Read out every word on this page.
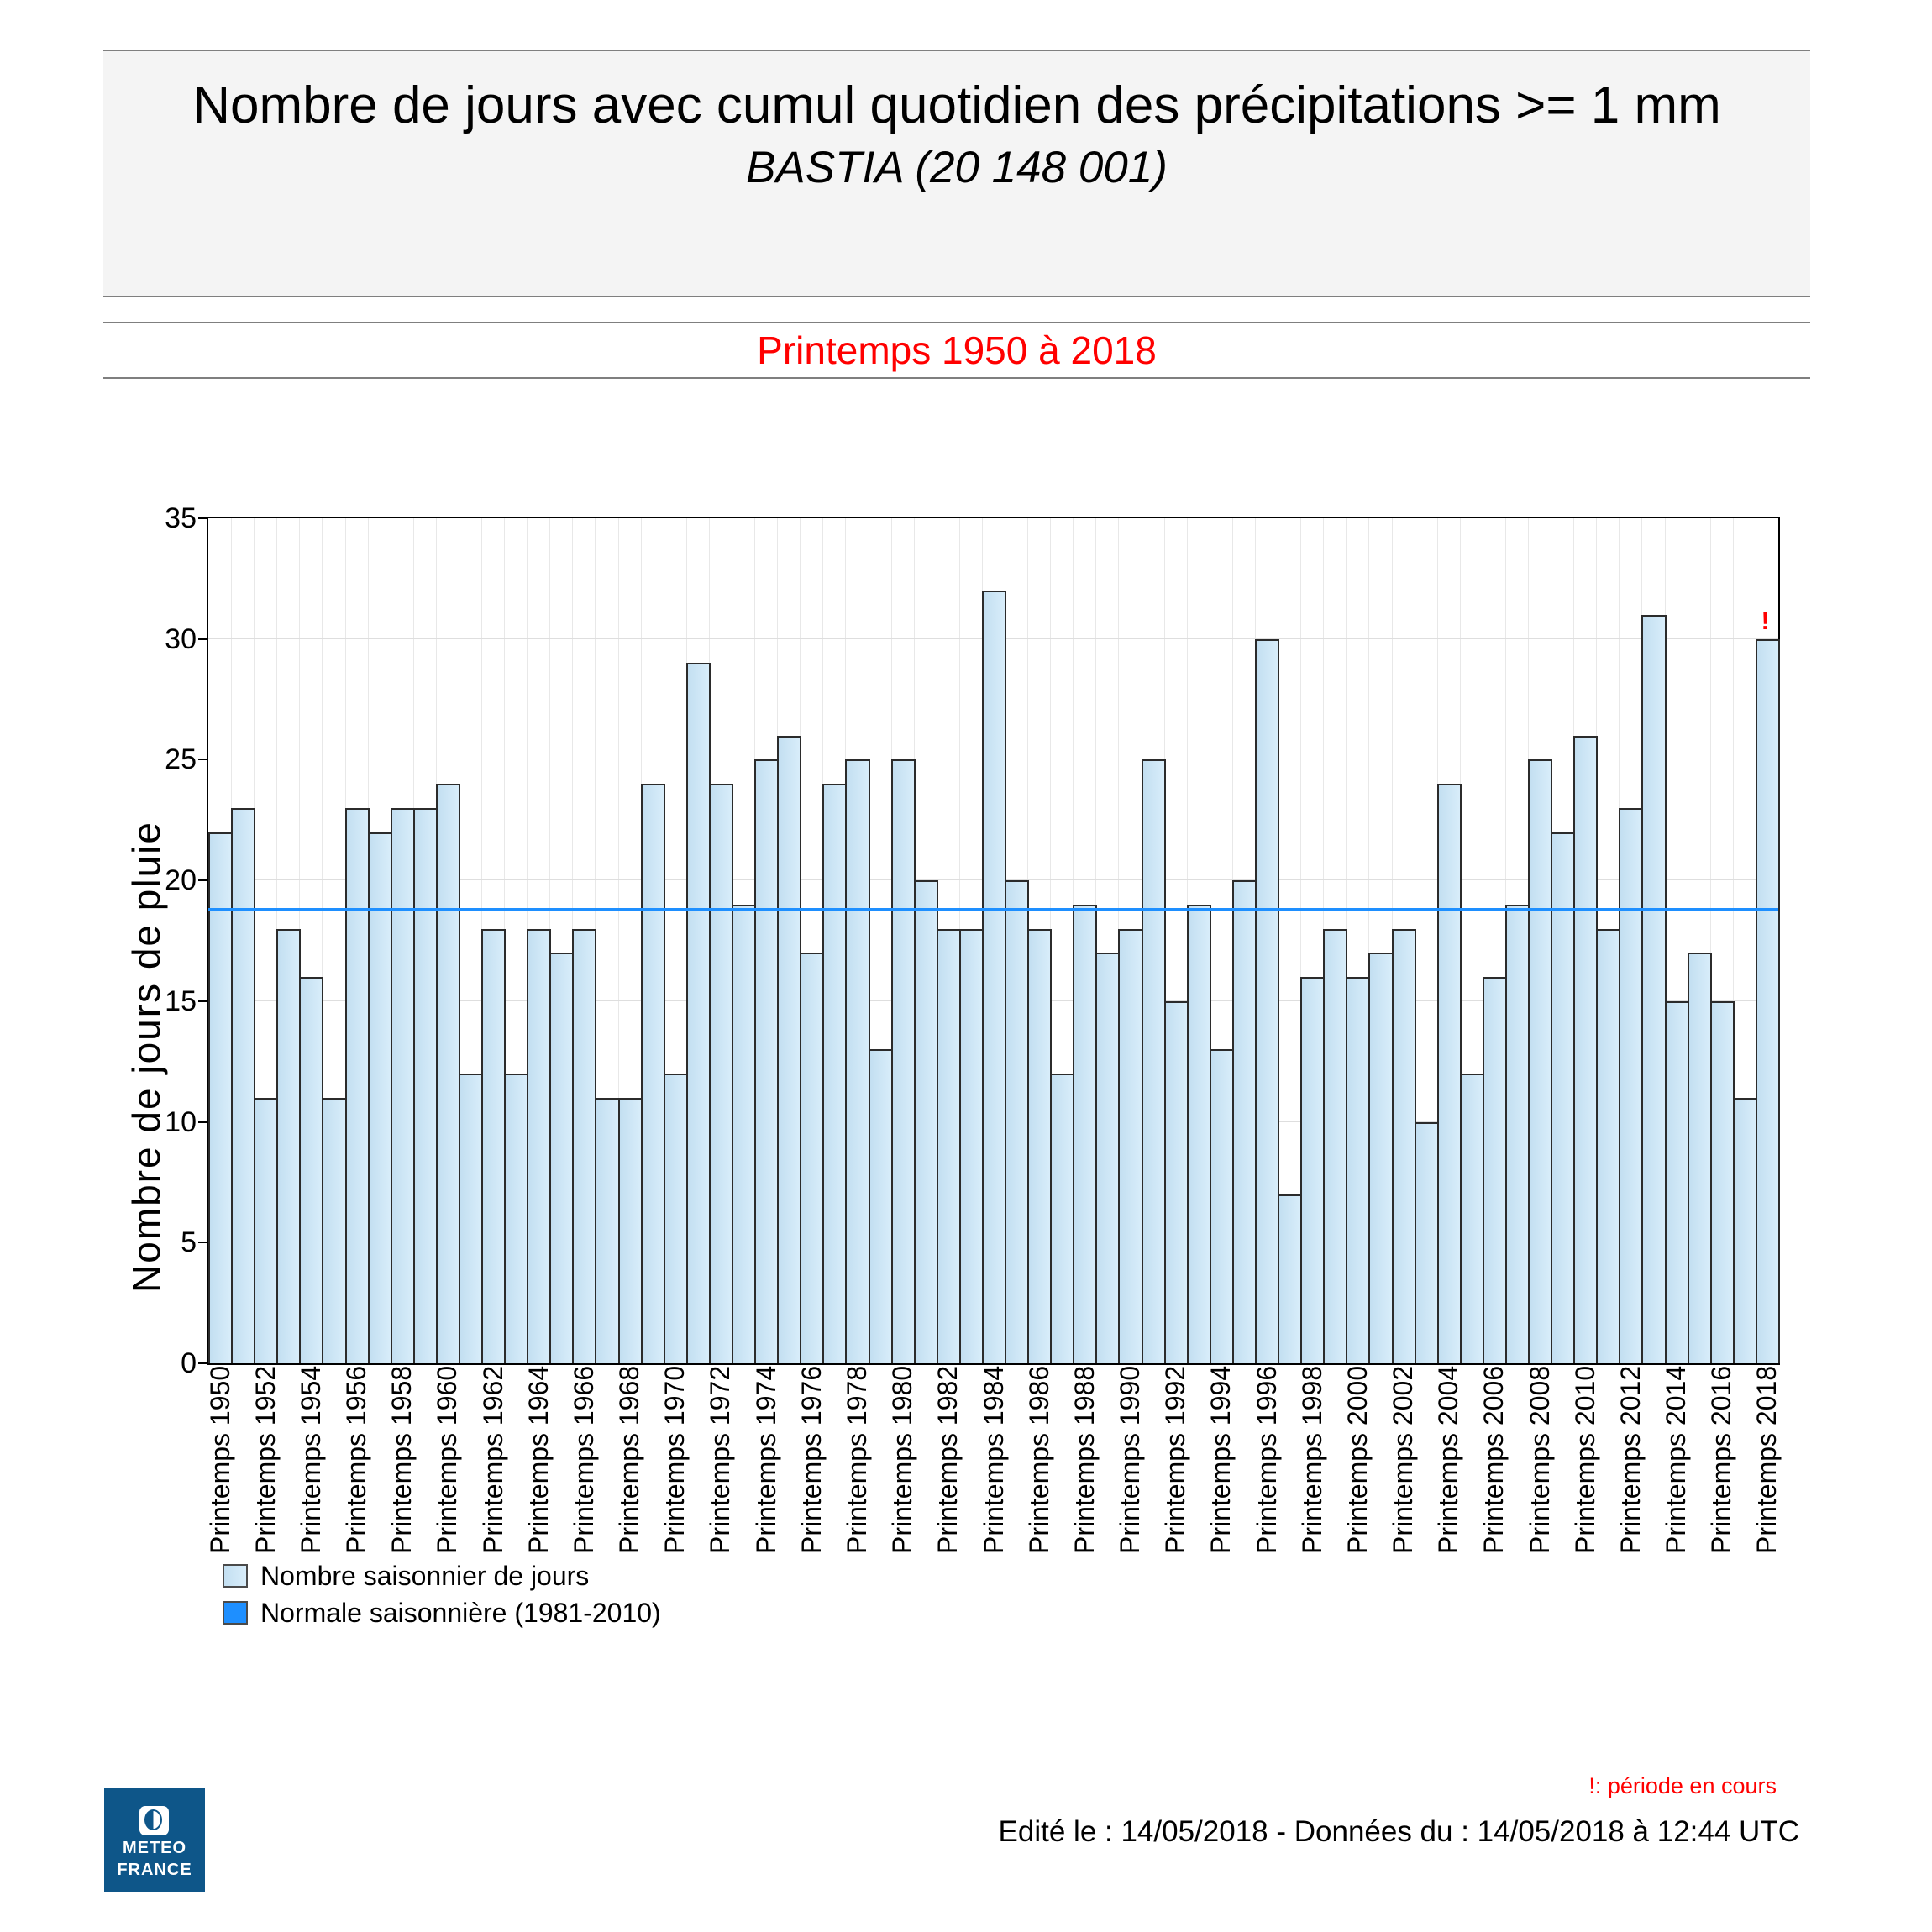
Nombre de jours avec cumul quotidien des précipitations >= 1 mm
BASTIA (20 148 001)
Printemps 1950 à 2018
Nombre de jours de pluie
0
5
10
15
20
25
30
35
!
Printemps 1950 Printemps 1952 Printemps 1954 Printemps 1956 Printemps 1958 Printemps 1960 Printemps 1962 Printemps 1964 Printemps 1966 Printemps 1968 Printemps 1970 Printemps 1972 Printemps 1974 Printemps 1976 Printemps 1978 Printemps 1980 Printemps 1982 Printemps 1984 Printemps 1986 Printemps 1988 Printemps 1990 Printemps 1992 Printemps 1994 Printemps 1996 Printemps 1998 Printemps 2000 Printemps 2002 Printemps 2004 Printemps 2006 Printemps 2008 Printemps 2010 Printemps 2012 Printemps 2014 Printemps 2016 Printemps 2018
Nombre saisonnier de jours
Normale saisonnière (1981-2010)
!: période en cours
Edité le : 14/05/2018 - Données du : 14/05/2018 à 12:44 UTC
METEO
FRANCE
